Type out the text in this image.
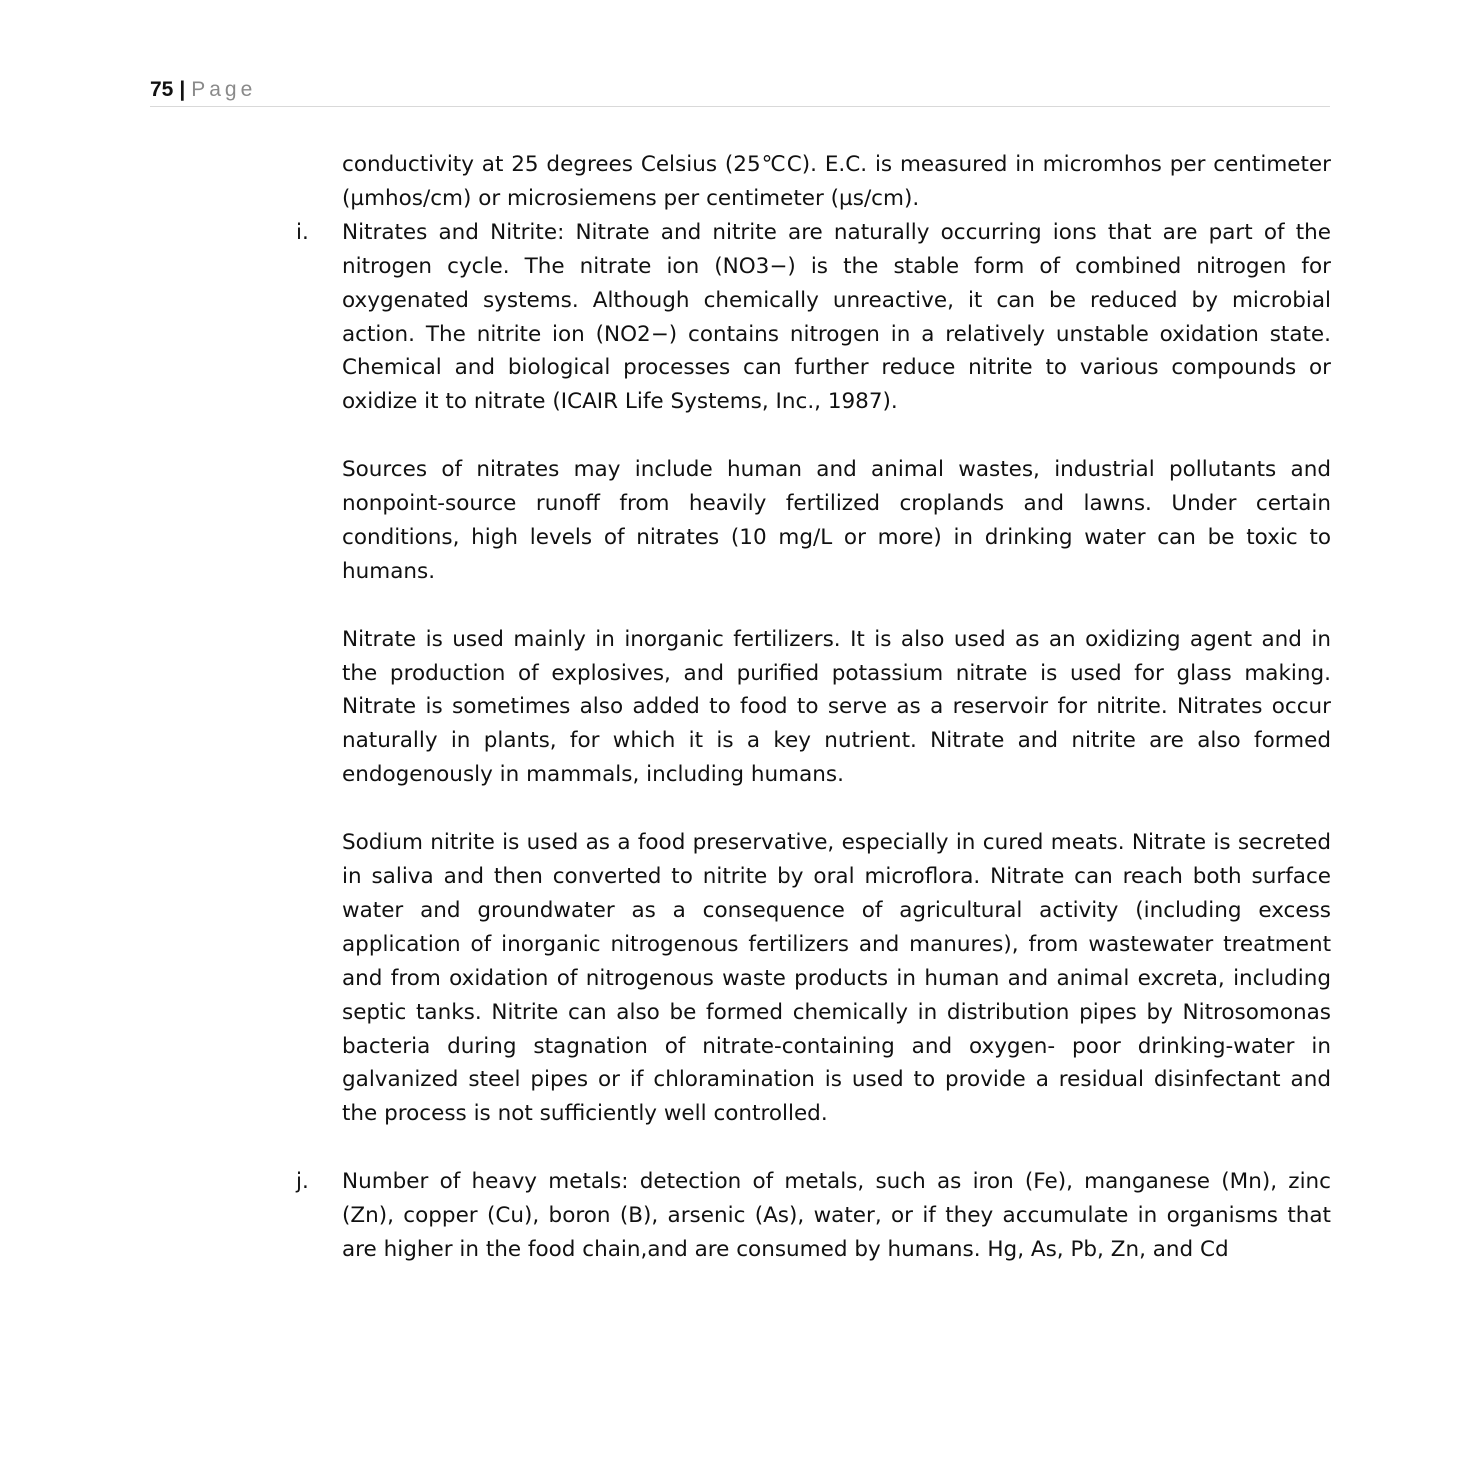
75 | Page

conductivity at 25 degrees Celsius (25℃C). E.C. is measured in micromhos per centimeter (µmhos/cm) or microsiemens per centimeter (µs/cm).

i.	Nitrates and Nitrite: Nitrate and nitrite are naturally occurring ions that are part of the nitrogen cycle. The nitrate ion (NO3−) is the stable form of combined nitrogen for oxygenated systems. Although chemically unreactive, it can be reduced by microbial action. The nitrite ion (NO2−) contains nitrogen in a relatively unstable oxidation state. Chemical and biological processes can further reduce nitrite to various compounds or oxidize it to nitrate (ICAIR Life Systems, Inc., 1987).

Sources of nitrates may include human and animal wastes, industrial pollutants and nonpoint-source runoff from heavily fertilized croplands and lawns. Under certain conditions, high levels of nitrates (10 mg/L or more) in drinking water can be toxic to humans.

Nitrate is used mainly in inorganic fertilizers. It is also used as an oxidizing agent and in the production of explosives, and purified potassium nitrate is used for glass making. Nitrate is sometimes also added to food to serve as a reservoir for nitrite. Nitrates occur naturally in plants, for which it is a key nutrient. Nitrate and nitrite are also formed endogenously in mammals, including humans.

Sodium nitrite is used as a food preservative, especially in cured meats. Nitrate is secreted in saliva and then converted to nitrite by oral microflora. Nitrate can reach both surface water and groundwater as a consequence of agricultural activity (including excess application of inorganic nitrogenous fertilizers and manures), from wastewater treatment and from oxidation of nitrogenous waste products in human and animal excreta, including septic tanks. Nitrite can also be formed chemically in distribution pipes by Nitrosomonas bacteria during stagnation of nitrate-containing and oxygen- poor drinking-water in galvanized steel pipes or if chloramination is used to provide a residual disinfectant and the process is not sufficiently well controlled.

j.	Number of heavy metals: detection of metals, such as iron (Fe), manganese (Mn), zinc (Zn), copper (Cu), boron (B), arsenic (As), water, or if they accumulate in organisms that are higher in the food chain,and are consumed by humans. Hg, As, Pb, Zn, and Cd
